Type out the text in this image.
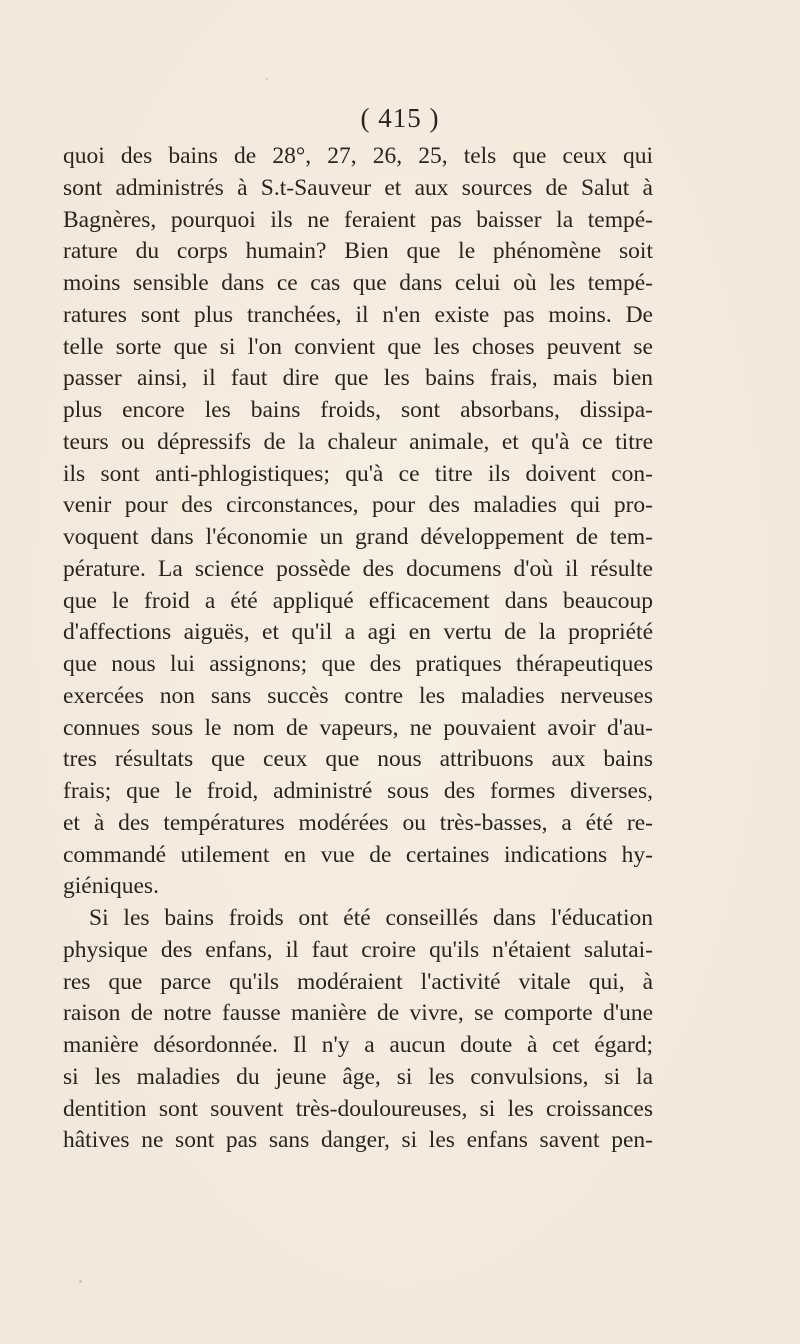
( 415 )
quoi des bains de 28°, 27, 26, 25, tels que ceux qui
sont administrés à S.t-Sauveur et aux sources de Salut à
Bagnères, pourquoi ils ne feraient pas baisser la tempé-
rature du corps humain? Bien que le phénomène soit
moins sensible dans ce cas que dans celui où les tempé-
ratures sont plus tranchées, il n'en existe pas moins. De
telle sorte que si l'on convient que les choses peuvent se
passer ainsi, il faut dire que les bains frais, mais bien
plus encore les bains froids, sont absorbans, dissipa-
teurs ou dépressifs de la chaleur animale, et qu'à ce titre
ils sont anti-phlogistiques; qu'à ce titre ils doivent con-
venir pour des circonstances, pour des maladies qui pro-
voquent dans l'économie un grand développement de tem-
pérature. La science possède des documens d'où il résulte
que le froid a été appliqué efficacement dans beaucoup
d'affections aiguës, et qu'il a agi en vertu de la propriété
que nous lui assignons; que des pratiques thérapeutiques
exercées non sans succès contre les maladies nerveuses
connues sous le nom de vapeurs, ne pouvaient avoir d'au-
tres résultats que ceux que nous attribuons aux bains
frais; que le froid, administré sous des formes diverses,
et à des températures modérées ou très-basses, a été re-
commandé utilement en vue de certaines indications hy-
giéniques.
Si les bains froids ont été conseillés dans l'éducation
physique des enfans, il faut croire qu'ils n'étaient salutai-
res que parce qu'ils modéraient l'activité vitale qui, à
raison de notre fausse manière de vivre, se comporte d'une
manière désordonnée. Il n'y a aucun doute à cet égard;
si les maladies du jeune âge, si les convulsions, si la
dentition sont souvent très-douloureuses, si les croissances
hâtives ne sont pas sans danger, si les enfans savent pen-
